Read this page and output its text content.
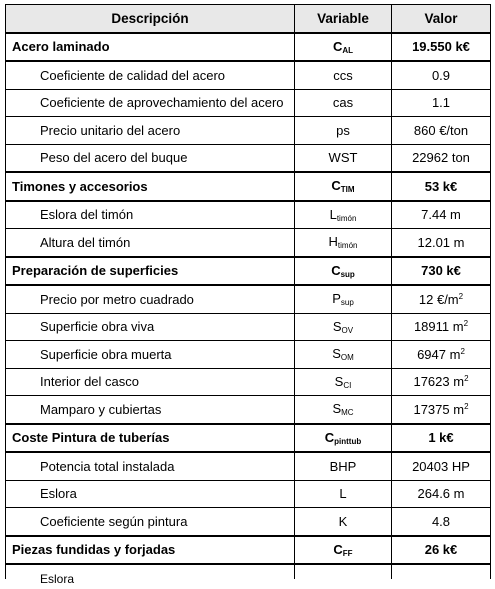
Descripción	Variable	Valor
Acero laminado	CAL	19.550 k€
Coeficiente de calidad del acero	ccs	0.9
Coeficiente de aprovechamiento del acero	cas	1.1
Precio unitario del acero	ps	860 €/ton
Peso del acero del buque	WST	22962 ton
Timones y accesorios	CTIM	53 k€
Eslora del timón	Ltimón	7.44 m
Altura del timón	Htimón	12.01 m
Preparación de superficies	Csup	730 k€
Precio por metro cuadrado	Psup	12 $€/m^2$
Superficie obra viva	SOV	18911 $m^2$
Superficie obra muerta	SOM	6947 $m^2$
Interior del casco	SCI	17623 $m^2$
Mamparo y cubiertas	SMC	17375 $m^2$
Coste Pintura de tuberías	Cpinttub	1 k€
Potencia total instalada	BHP	20403 HP
Eslora	L	264.6 m
Coeficiente según pintura	K	4.8
Piezas fundidas y forjadas	CFF	26 k€

Eslora		
